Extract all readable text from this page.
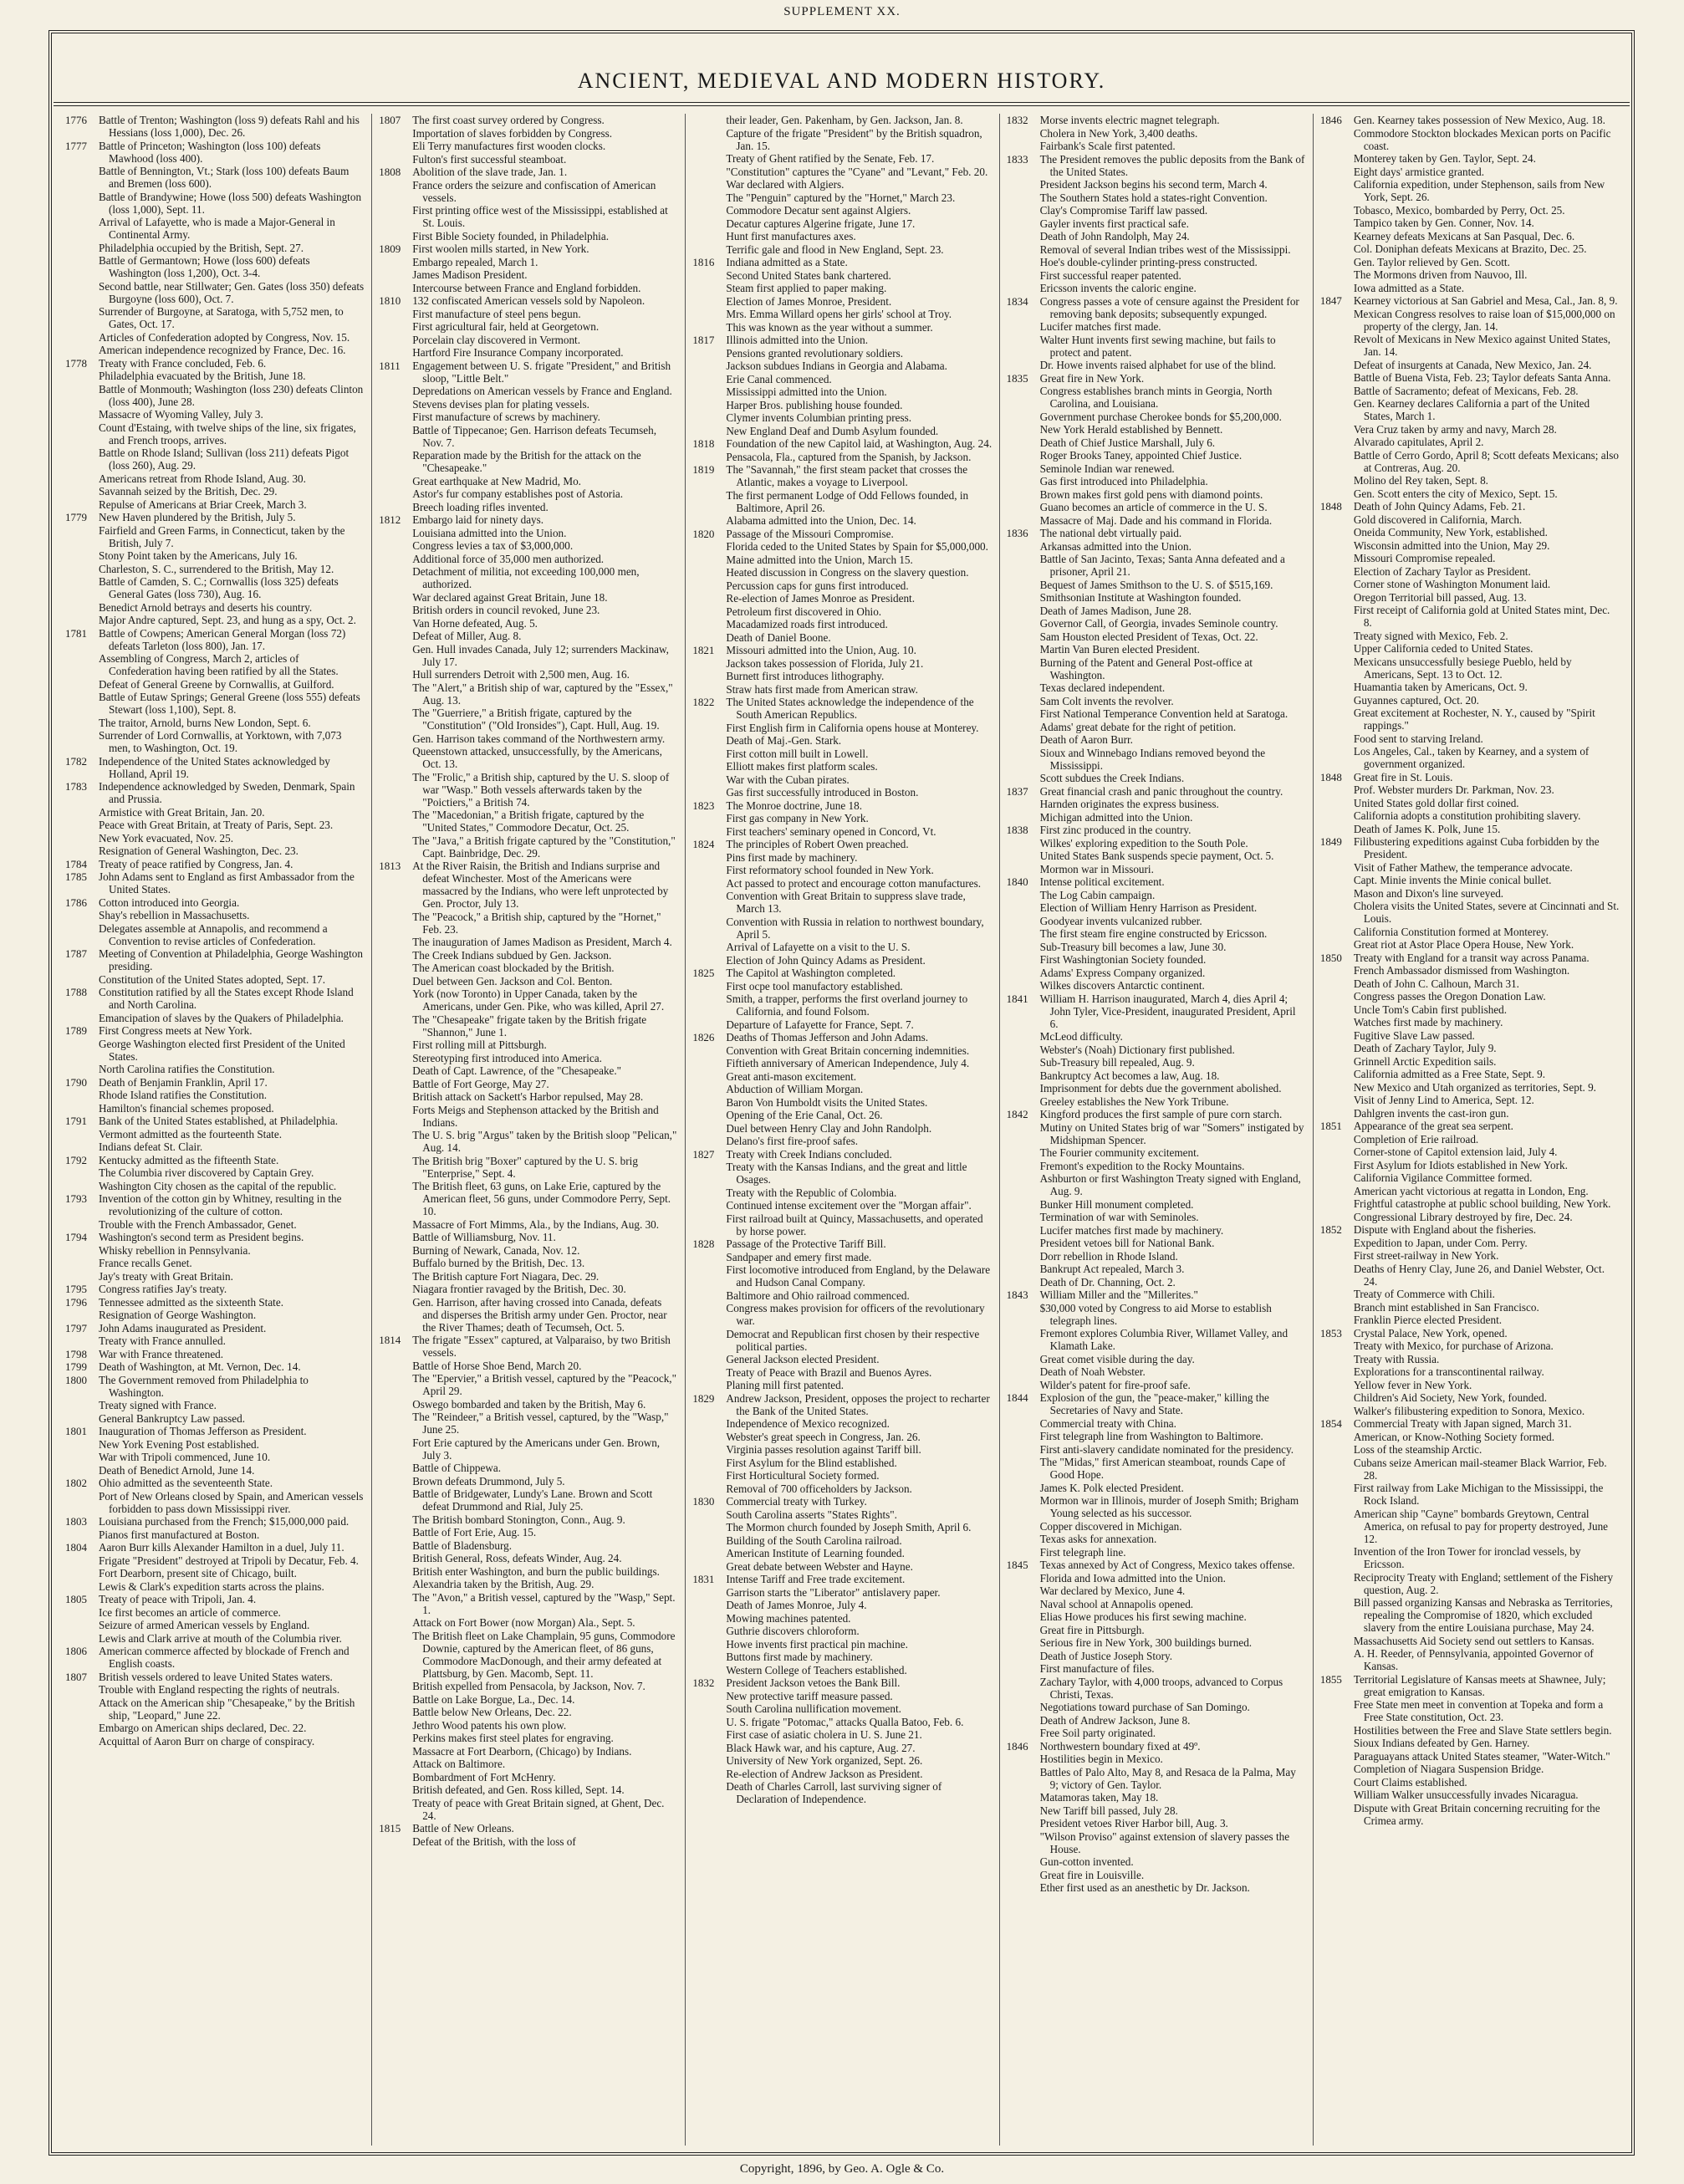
SUPPLEMENT XX.
ANCIENT, MEDIEVAL AND MODERN HISTORY.
1776	Battle of Trenton; Washington (loss 9) defeats Rahl and his Hessians (loss 1,000), Dec. 26.
1777	Battle of Princeton; Washington (loss 100) defeats Mawhood (loss 400).
Battle of Bennington, Vt.; Stark (loss 100) defeats Baum and Bremen (loss 600).
Battle of Brandywine; Howe (loss 500) defeats Washington (loss 1,000), Sept. 11.
Arrival of Lafayette, who is made a Major-General in Continental Army.
Philadelphia occupied by the British, Sept. 27.
Battle of Germantown; Howe (loss 600) defeats Washington (loss 1,200), Oct. 3-4.
Second battle, near Stillwater; Gen. Gates (loss 350) defeats Burgoyne (loss 600), Oct. 7.
Surrender of Burgoyne, at Saratoga, with 5,752 men, to Gates, Oct. 17.
Articles of Confederation adopted by Congress, Nov. 15.
American independence recognized by France, Dec. 16.
1778	Treaty with France concluded, Feb. 6.
Philadelphia evacuated by the British, June 18.
Battle of Monmouth; Washington (loss 230) defeats Clinton (loss 400), June 28.
Massacre of Wyoming Valley, July 3.
Count d'Estaing, with twelve ships of the line, six frigates, and French troops, arrives.
Battle on Rhode Island; Sullivan (loss 211) defeats Pigot (loss 260), Aug. 29.
Americans retreat from Rhode Island, Aug. 30.
Savannah seized by the British, Dec. 29.
Repulse of Americans at Briar Creek, March 3.
1779	New Haven plundered by the British, July 5.
Fairfield and Green Farms, in Connecticut, taken by the British, July 7.
Stony Point taken by the Americans, July 16.
Charleston, S. C., surrendered to the British, May 12.
Battle of Camden, S. C.; Cornwallis (loss 325) defeats General Gates (loss 730), Aug. 16.
Benedict Arnold betrays and deserts his country.
Major Andre captured, Sept. 23, and hung as a spy, Oct. 2.
1781	Battle of Cowpens; American General Morgan (loss 72) defeats Tarleton (loss 800), Jan. 17.
Assembling of Congress, March 2, articles of Confederation having been ratified by all the States.
Defeat of General Greene by Cornwallis, at Guilford.
Battle of Eutaw Springs; General Greene (loss 555) defeats Stewart (loss 1,100), Sept. 8.
The traitor, Arnold, burns New London, Sept. 6.
Surrender of Lord Cornwallis, at Yorktown, with 7,073 men, to Washington, Oct. 19.
1782	Independence of the United States acknowledged by Holland, April 19.
1783	Independence acknowledged by Sweden, Denmark, Spain and Prussia.
Armistice with Great Britain, Jan. 20.
Peace with Great Britain, at Treaty of Paris, Sept. 23.
New York evacuated, Nov. 25.
Resignation of General Washington, Dec. 23.
1784	Treaty of peace ratified by Congress, Jan. 4.
1785	John Adams sent to England as first Ambassador from the United States.
1786	Cotton introduced into Georgia.
Shay's rebellion in Massachusetts.
Delegates assemble at Annapolis, and recommend a Convention to revise articles of Confederation.
1787	Meeting of Convention at Philadelphia, George Washington presiding.
Constitution of the United States adopted, Sept. 17.
1788	Constitution ratified by all the States except Rhode Island and North Carolina.
Emancipation of slaves by the Quakers of Philadelphia.
1789	First Congress meets at New York.
George Washington elected first President of the United States.
North Carolina ratifies the Constitution.
1790	Death of Benjamin Franklin, April 17.
Rhode Island ratifies the Constitution.
Hamilton's financial schemes proposed.
1791	Bank of the United States established, at Philadelphia.
Vermont admitted as the fourteenth State.
Indians defeat St. Clair.
1792	Kentucky admitted as the fifteenth State.
The Columbia river discovered by Captain Grey.
Washington City chosen as the capital of the republic.
1793	Invention of the cotton gin by Whitney, resulting in the revolutionizing of the culture of cotton.
Trouble with the French Ambassador, Genet.
1794	Washington's second term as President begins.
Whisky rebellion in Pennsylvania.
France recalls Genet.
Jay's treaty with Great Britain.
1795	Congress ratifies Jay's treaty.
1796	Tennessee admitted as the sixteenth State.
Resignation of George Washington.
1797	John Adams inaugurated as President.
Treaty with France annulled.
1798	War with France threatened.
1799	Death of Washington, at Mt. Vernon, Dec. 14.
1800	The Government removed from Philadelphia to Washington.
Treaty signed with France.
General Bankruptcy Law passed.
1801	Inauguration of Thomas Jefferson as President.
New York Evening Post established.
War with Tripoli commenced, June 10.
Death of Benedict Arnold, June 14.
1802	Ohio admitted as the seventeenth State.
Port of New Orleans closed by Spain, and American vessels forbidden to pass down Mississippi river.
1803	Louisiana purchased from the French; $15,000,000 paid.
Pianos first manufactured at Boston.
1804	Aaron Burr kills Alexander Hamilton in a duel, July 11.
Frigate "President" destroyed at Tripoli by Decatur, Feb. 4.
Fort Dearborn, present site of Chicago, built.
Lewis & Clark's expedition starts across the plains.
1805	Treaty of peace with Tripoli, Jan. 4.
Ice first becomes an article of commerce.
Seizure of armed American vessels by England.
Lewis and Clark arrive at mouth of the Columbia river.
1806	American commerce affected by blockade of French and English coasts.
1807	British vessels ordered to leave United States waters.
Trouble with England respecting the rights of neutrals.
Attack on the American ship "Chesapeake," by the British ship, "Leopard," June 22.
Embargo on American ships declared, Dec. 22.
Acquittal of Aaron Burr on charge of conspiracy.
1807	The first coast survey ordered by Congress.
Importation of slaves forbidden by Congress.
Eli Terry manufactures first wooden clocks.
Fulton's first successful steamboat.
1808	Abolition of the slave trade, Jan. 1.
France orders the seizure and confiscation of American vessels.
First printing office west of the Mississippi, established at St. Louis.
First Bible Society founded, in Philadelphia.
1809	First woolen mills started, in New York.
Embargo repealed, March 1.
James Madison President.
Intercourse between France and England forbidden.
1810	132 confiscated American vessels sold by Napoleon.
First manufacture of steel pens begun.
First agricultural fair, held at Georgetown.
Porcelain clay discovered in Vermont.
Hartford Fire Insurance Company incorporated.
1811	Engagement between U. S. frigate "President," and British sloop, "Little Belt."
Depredations on American vessels by France and England.
Stevens devises plan for plating vessels.
First manufacture of screws by machinery.
Battle of Tippecanoe; Gen. Harrison defeats Tecumseh, Nov. 7.
Reparation made by the British for the attack on the "Chesapeake."
Great earthquake at New Madrid, Mo.
Astor's fur company establishes post of Astoria.
Breech loading rifles invented.
1812	Embargo laid for ninety days.
Louisiana admitted into the Union.
Congress levies a tax of $3,000,000.
Additional force of 35,000 men authorized.
Detachment of militia, not exceeding 100,000 men, authorized.
War declared against Great Britain, June 18.
British orders in council revoked, June 23.
Van Horne defeated, Aug. 5.
Defeat of Miller, Aug. 8.
Gen. Hull invades Canada, July 12; surrenders Mackinaw, July 17.
Hull surrenders Detroit with 2,500 men, Aug. 16.
The "Alert," a British ship of war, captured by the "Essex," Aug. 13.
The "Guerriere," a British frigate, captured by the "Constitution" ("Old Ironsides"), Capt. Hull, Aug. 19.
Gen. Harrison takes command of the Northwestern army.
Queenstown attacked, unsuccessfully, by the Americans, Oct. 13.
The "Frolic," a British ship, captured by the U. S. sloop of war "Wasp." Both vessels afterwards taken by the "Poictiers," a British 74.
The "Macedonian," a British frigate, captured by the "United States," Commodore Decatur, Oct. 25.
The "Java," a British frigate captured by the "Constitution," Capt. Bainbridge, Dec. 29.
1813	At the River Raisin, the British and Indians surprise and defeat Winchester. Most of the Americans were massacred by the Indians, who were left unprotected by Gen. Proctor, July 13.
The "Peacock," a British ship, captured by the "Hornet," Feb. 23.
The inauguration of James Madison as President, March 4.
The Creek Indians subdued by Gen. Jackson.
The American coast blockaded by the British.
Duel between Gen. Jackson and Col. Benton.
York (now Toronto) in Upper Canada, taken by the Americans, under Gen. Pike, who was killed, April 27.
The "Chesapeake" frigate taken by the British frigate "Shannon," June 1.
First rolling mill at Pittsburgh.
Stereotyping first introduced into America.
Death of Capt. Lawrence, of the "Chesapeake."
Battle of Fort George, May 27.
British attack on Sackett's Harbor repulsed, May 28.
Forts Meigs and Stephenson attacked by the British and Indians.
The U. S. brig "Argus" taken by the British sloop "Pelican," Aug. 14.
The British brig "Boxer" captured by the U. S. brig "Enterprise," Sept. 4.
The British fleet, 63 guns, on Lake Erie, captured by the American fleet, 56 guns, under Commodore Perry, Sept. 10.
Massacre of Fort Mimms, Ala., by the Indians, Aug. 30.
Battle of Williamsburg, Nov. 11.
Burning of Newark, Canada, Nov. 12.
Buffalo burned by the British, Dec. 13.
The British capture Fort Niagara, Dec. 29.
Niagara frontier ravaged by the British, Dec. 30.
Gen. Harrison, after having crossed into Canada, defeats and disperses the British army under Gen. Proctor, near the River Thames; death of Tecumseh, Oct. 5.
1814	The frigate "Essex" captured, at Valparaiso, by two British vessels.
Battle of Horse Shoe Bend, March 20.
The "Epervier," a British vessel, captured by the "Peacock," April 29.
Oswego bombarded and taken by the British, May 6.
The "Reindeer," a British vessel, captured, by the "Wasp," June 25.
Fort Erie captured by the Americans under Gen. Brown, July 3.
Battle of Chippewa.
Brown defeats Drummond, July 5.
Battle of Bridgewater, Lundy's Lane. Brown and Scott defeat Drummond and Rial, July 25.
The British bombard Stonington, Conn., Aug. 9.
Battle of Fort Erie, Aug. 15.
Battle of Bladensburg.
British General, Ross, defeats Winder, Aug. 24.
British enter Washington, and burn the public buildings.
Alexandria taken by the British, Aug. 29.
The "Avon," a British vessel, captured by the "Wasp," Sept. 1.
Attack on Fort Bower (now Morgan) Ala., Sept. 5.
The British fleet on Lake Champlain, 95 guns, Commodore Downie, captured by the American fleet, of 86 guns, Commodore MacDonough, and their army defeated at Plattsburg, by Gen. Macomb, Sept. 11.
British expelled from Pensacola, by Jackson, Nov. 7.
Battle on Lake Borgue, La., Dec. 14.
Battle below New Orleans, Dec. 22.
Jethro Wood patents his own plow.
Perkins makes first steel plates for engraving.
Massacre at Fort Dearborn, (Chicago) by Indians.
Attack on Baltimore.
Bombardment of Fort McHenry.
British defeated, and Gen. Ross killed, Sept. 14.
Treaty of peace with Great Britain signed, at Ghent, Dec. 24.
1815	Battle of New Orleans.
Defeat of the British, with the loss of
their leader, Gen. Pakenham, by Gen. Jackson, Jan. 8.
Capture of the frigate "President" by the British squadron, Jan. 15.
Treaty of Ghent ratified by the Senate, Feb. 17.
"Constitution" captures the "Cyane" and "Levant," Feb. 20.
War declared with Algiers.
The "Penguin" captured by the "Hornet," March 23.
Commodore Decatur sent against Algiers.
Decatur captures Algerine frigate, June 17.
Hunt first manufactures axes.
Terrific gale and flood in New England, Sept. 23.
1816	Indiana admitted as a State.
Second United States bank chartered.
Steam first applied to paper making.
Election of James Monroe, President.
Mrs. Emma Willard opens her girls' school at Troy.
This was known as the year without a summer.
1817	Illinois admitted into the Union.
Pensions granted revolutionary soldiers.
Jackson subdues Indians in Georgia and Alabama.
Erie Canal commenced.
Mississippi admitted into the Union.
Harper Bros. publishing house founded.
Clymer invents Columbian printing press.
New England Deaf and Dumb Asylum founded.
1818	Foundation of the new Capitol laid, at Washington, Aug. 24.
Pensacola, Fla., captured from the Spanish, by Jackson.
1819	The "Savannah," the first steam packet that crosses the Atlantic, makes a voyage to Liverpool.
The first permanent Lodge of Odd Fellows founded, in Baltimore, April 26.
Alabama admitted into the Union, Dec. 14.
1820	Passage of the Missouri Compromise.
Florida ceded to the United States by Spain for $5,000,000.
Maine admitted into the Union, March 15.
Heated discussion in Congress on the slavery question.
Percussion caps for guns first introduced.
Re-election of James Monroe as President.
Petroleum first discovered in Ohio.
Macadamized roads first introduced.
Death of Daniel Boone.
1821	Missouri admitted into the Union, Aug. 10.
Jackson takes possession of Florida, July 21.
Burnett first introduces lithography.
Straw hats first made from American straw.
1822	The United States acknowledge the independence of the South American Republics.
First English firm in California opens house at Monterey.
Death of Maj.-Gen. Stark.
First cotton mill built in Lowell.
Elliott makes first platform scales.
War with the Cuban pirates.
Gas first successfully introduced in Boston.
1823	The Monroe doctrine, June 18.
First gas company in New York.
First teachers' seminary opened in Concord, Vt.
1824	The principles of Robert Owen preached.
Pins first made by machinery.
First reformatory school founded in New York.
Act passed to protect and encourage cotton manufactures.
Convention with Great Britain to suppress slave trade, March 13.
Convention with Russia in relation to northwest boundary, April 5.
Arrival of Lafayette on a visit to the U. S.
Election of John Quincy Adams as President.
1825	The Capitol at Washington completed.
First ocpe tool manufactory established.
Smith, a trapper, performs the first overland journey to California, and found Folsom.
Departure of Lafayette for France, Sept. 7.
1826	Deaths of Thomas Jefferson and John Adams.
Convention with Great Britain concerning indemnities.
Fiftieth anniversary of American Independence, July 4.
Great anti-mason excitement.
Abduction of William Morgan.
Baron Von Humboldt visits the United States.
Opening of the Erie Canal, Oct. 26.
Duel between Henry Clay and John Randolph.
Delano's first fire-proof safes.
1827	Treaty with Creek Indians concluded.
Treaty with the Kansas Indians, and the great and little Osages.
Treaty with the Republic of Colombia.
Continued intense excitement over the "Morgan affair".
First railroad built at Quincy, Massachusetts, and operated by horse power.
1828	Passage of the Protective Tariff Bill.
Sandpaper and emery first made.
First locomotive introduced from England, by the Delaware and Hudson Canal Company.
Baltimore and Ohio railroad commenced.
Congress makes provision for officers of the revolutionary war.
Democrat and Republican first chosen by their respective political parties.
General Jackson elected President.
Treaty of Peace with Brazil and Buenos Ayres.
Planing mill first patented.
1829	Andrew Jackson, President, opposes the project to recharter the Bank of the United States.
Independence of Mexico recognized.
Webster's great speech in Congress, Jan. 26.
Virginia passes resolution against Tariff bill.
First Asylum for the Blind established.
First Horticultural Society formed.
Removal of 700 officeholders by Jackson.
1830	Commercial treaty with Turkey.
South Carolina asserts "States Rights".
The Mormon church founded by Joseph Smith, April 6.
Building of the South Carolina railroad.
American Institute of Learning founded.
Great debate between Webster and Hayne.
1831	Intense Tariff and Free trade excitement.
Garrison starts the "Liberator" antislavery paper.
Death of James Monroe, July 4.
Mowing machines patented.
Guthrie discovers chloroform.
Howe invents first practical pin machine.
Buttons first made by machinery.
Western College of Teachers established.
1832	President Jackson vetoes the Bank Bill.
New protective tariff measure passed.
South Carolina nullification movement.
U. S. frigate "Potomac," attacks Qualla Batoo, Feb. 6.
First case of asiatic cholera in U. S. June 21.
Black Hawk war, and his capture, Aug. 27.
University of New York organized, Sept. 26.
Re-election of Andrew Jackson as President.
Death of Charles Carroll, last surviving signer of Declaration of Independence.
1832	Morse invents electric magnet telegraph.
Cholera in New York, 3,400 deaths.
Fairbank's Scale first patented.
1833	The President removes the public deposits from the Bank of the United States.
President Jackson begins his second term, March 4.
The Southern States hold a states-right Convention.
Clay's Compromise Tariff law passed.
Gayler invents first practical safe.
Death of John Randolph, May 24.
Removal of several Indian tribes west of the Mississippi.
Hoe's double-cylinder printing-press constructed.
First successful reaper patented.
Ericsson invents the caloric engine.
1834	Congress passes a vote of censure against the President for removing bank deposits; subsequently expunged.
Lucifer matches first made.
Walter Hunt invents first sewing machine, but fails to protect and patent.
Dr. Howe invents raised alphabet for use of the blind.
1835	Great fire in New York.
Congress establishes branch mints in Georgia, North Carolina, and Louisiana.
Government purchase Cherokee bonds for $5,200,000.
New York Herald established by Bennett.
Death of Chief Justice Marshall, July 6.
Roger Brooks Taney, appointed Chief Justice.
Seminole Indian war renewed.
Gas first introduced into Philadelphia.
Brown makes first gold pens with diamond points.
Guano becomes an article of commerce in the U. S.
Massacre of Maj. Dade and his command in Florida.
1836	The national debt virtually paid.
Arkansas admitted into the Union.
Battle of San Jacinto, Texas; Santa Anna defeated and a prisoner, April 21.
Bequest of James Smithson to the U. S. of $515,169.
Smithsonian Institute at Washington founded.
Death of James Madison, June 28.
Governor Call, of Georgia, invades Seminole country.
Sam Houston elected President of Texas, Oct. 22.
Martin Van Buren elected President.
Burning of the Patent and General Post-office at Washington.
Texas declared independent.
Sam Colt invents the revolver.
First National Temperance Convention held at Saratoga.
Adams' great debate for the right of petition.
Death of Aaron Burr.
Sioux and Winnebago Indians removed beyond the Mississippi.
Scott subdues the Creek Indians.
1837	Great financial crash and panic throughout the country.
Harnden originates the express business.
Michigan admitted into the Union.
1838	First zinc produced in the country.
Wilkes' exploring expedition to the South Pole.
United States Bank suspends specie payment, Oct. 5.
Mormon war in Missouri.
1840	Intense political excitement.
The Log Cabin campaign.
Election of William Henry Harrison as President.
Goodyear invents vulcanized rubber.
The first steam fire engine constructed by Ericsson.
Sub-Treasury bill becomes a law, June 30.
First Washingtonian Society founded.
Adams' Express Company organized.
Wilkes discovers Antarctic continent.
1841	William H. Harrison inaugurated, March 4, dies April 4; John Tyler, Vice-President, inaugurated President, April 6.
McLeod difficulty.
Webster's (Noah) Dictionary first published.
Sub-Treasury bill repealed, Aug. 9.
Bankruptcy Act becomes a law, Aug. 18.
Imprisonment for debts due the government abolished.
Greeley establishes the New York Tribune.
1842	Kingford produces the first sample of pure corn starch.
Mutiny on United States brig of war "Somers" instigated by Midshipman Spencer.
The Fourier community excitement.
Fremont's expedition to the Rocky Mountains.
Ashburton or first Washington Treaty signed with England, Aug. 9.
Bunker Hill monument completed.
Termination of war with Seminoles.
Lucifer matches first made by machinery.
President vetoes bill for National Bank.
Dorr rebellion in Rhode Island.
Bankrupt Act repealed, March 3.
Death of Dr. Channing, Oct. 2.
1843	William Miller and the "Millerites."
$30,000 voted by Congress to aid Morse to establish telegraph lines.
Fremont explores Columbia River, Willamet Valley, and Klamath Lake.
Great comet visible during the day.
Death of Noah Webster.
Wilder's patent for fire-proof safe.
1844	Explosion of the gun, the "peace-maker," killing the Secretaries of Navy and State.
Commercial treaty with China.
First telegraph line from Washington to Baltimore.
First anti-slavery candidate nominated for the presidency.
The "Midas," first American steamboat, rounds Cape of Good Hope.
James K. Polk elected President.
Mormon war in Illinois, murder of Joseph Smith; Brigham Young selected as his successor.
Copper discovered in Michigan.
Texas asks for annexation.
First telegraph line.
1845	Texas annexed by Act of Congress, Mexico takes offense.
Florida and Iowa admitted into the Union.
War declared by Mexico, June 4.
Naval school at Annapolis opened.
Elias Howe produces his first sewing machine.
Great fire in Pittsburgh.
Serious fire in New York, 300 buildings burned.
Death of Justice Joseph Story.
First manufacture of files.
Zachary Taylor, with 4,000 troops, advanced to Corpus Christi, Texas.
Negotiations toward purchase of San Domingo.
Death of Andrew Jackson, June 8.
Free Soil party originated.
1846	Northwestern boundary fixed at 49º.
Hostilities begin in Mexico.
Battles of Palo Alto, May 8, and Resaca de la Palma, May 9; victory of Gen. Taylor.
Matamoras taken, May 18.
New Tariff bill passed, July 28.
President vetoes River Harbor bill, Aug. 3.
"Wilson Proviso" against extension of slavery passes the House.
Gun-cotton invented.
Great fire in Louisville.
Ether first used as an anesthetic by Dr. Jackson.
1846	Gen. Kearney takes possession of New Mexico, Aug. 18.
Commodore Stockton blockades Mexican ports on Pacific coast.
Monterey taken by Gen. Taylor, Sept. 24.
Eight days' armistice granted.
California expedition, under Stephenson, sails from New York, Sept. 26.
Tobasco, Mexico, bombarded by Perry, Oct. 25.
Tampico taken by Gen. Conner, Nov. 14.
Kearney defeats Mexicans at San Pasqual, Dec. 6.
Col. Doniphan defeats Mexicans at Brazito, Dec. 25.
Gen. Taylor relieved by Gen. Scott.
The Mormons driven from Nauvoo, Ill.
Iowa admitted as a State.
1847	Kearney victorious at San Gabriel and Mesa, Cal., Jan. 8, 9.
Mexican Congress resolves to raise loan of $15,000,000 on property of the clergy, Jan. 14.
Revolt of Mexicans in New Mexico against United States, Jan. 14.
Defeat of insurgents at Canada, New Mexico, Jan. 24.
Battle of Buena Vista, Feb. 23; Taylor defeats Santa Anna.
Battle of Sacramento; defeat of Mexicans, Feb. 28.
Gen. Kearney declares California a part of the United States, March 1.
Vera Cruz taken by army and navy, March 28.
Alvarado capitulates, April 2.
Battle of Cerro Gordo, April 8; Scott defeats Mexicans; also at Contreras, Aug. 20.
Molino del Rey taken, Sept. 8.
Gen. Scott enters the city of Mexico, Sept. 15.
1848	Death of John Quincy Adams, Feb. 21.
Gold discovered in California, March.
Oneida Community, New York, established.
Wisconsin admitted into the Union, May 29.
Missouri Compromise repealed.
Election of Zachary Taylor as President.
Corner stone of Washington Monument laid.
Oregon Territorial bill passed, Aug. 13.
First receipt of California gold at United States mint, Dec. 8.
Treaty signed with Mexico, Feb. 2.
Upper California ceded to United States.
Mexicans unsuccessfully besiege Pueblo, held by Americans, Sept. 13 to Oct. 12.
Huamantia taken by Americans, Oct. 9.
Guyannes captured, Oct. 20.
Great excitement at Rochester, N. Y., caused by "Spirit rappings."
Food sent to starving Ireland.
Los Angeles, Cal., taken by Kearney, and a system of government organized.
1848	Great fire in St. Louis.
Prof. Webster murders Dr. Parkman, Nov. 23.
United States gold dollar first coined.
California adopts a constitution prohibiting slavery.
Death of James K. Polk, June 15.
1849	Filibustering expeditions against Cuba forbidden by the President.
Visit of Father Mathew, the temperance advocate.
Capt. Minie invents the Minie conical bullet.
Mason and Dixon's line surveyed.
Cholera visits the United States, severe at Cincinnati and St. Louis.
California Constitution formed at Monterey.
Great riot at Astor Place Opera House, New York.
1850	Treaty with England for a transit way across Panama.
French Ambassador dismissed from Washington.
Death of John C. Calhoun, March 31.
Congress passes the Oregon Donation Law.
Uncle Tom's Cabin first published.
Watches first made by machinery.
Fugitive Slave Law passed.
Death of Zachary Taylor, July 9.
Grinnell Arctic Expedition sails.
California admitted as a Free State, Sept. 9.
New Mexico and Utah organized as territories, Sept. 9.
Visit of Jenny Lind to America, Sept. 12.
Dahlgren invents the cast-iron gun.
1851	Appearance of the great sea serpent.
Completion of Erie railroad.
Corner-stone of Capitol extension laid, July 4.
First Asylum for Idiots established in New York.
California Vigilance Committee formed.
American yacht victorious at regatta in London, Eng.
Frightful catastrophe at public school building, New York.
Congressional Library destroyed by fire, Dec. 24.
1852	Dispute with England about the fisheries.
Expedition to Japan, under Com. Perry.
First street-railway in New York.
Deaths of Henry Clay, June 26, and Daniel Webster, Oct. 24.
Treaty of Commerce with Chili.
Branch mint established in San Francisco.
Franklin Pierce elected President.
1853	Crystal Palace, New York, opened.
Treaty with Mexico, for purchase of Arizona.
Treaty with Russia.
Explorations for a transcontinental railway.
Yellow fever in New York.
Children's Aid Society, New York, founded.
Walker's filibustering expedition to Sonora, Mexico.
1854	Commercial Treaty with Japan signed, March 31.
American, or Know-Nothing Society formed.
Loss of the steamship Arctic.
Cubans seize American mail-steamer Black Warrior, Feb. 28.
First railway from Lake Michigan to the Mississippi, the Rock Island.
American ship "Cayne" bombards Greytown, Central America, on refusal to pay for property destroyed, June 12.
Invention of the Iron Tower for ironclad vessels, by Ericsson.
Reciprocity Treaty with England; settlement of the Fishery question, Aug. 2.
Bill passed organizing Kansas and Nebraska as Territories, repealing the Compromise of 1820, which excluded slavery from the entire Louisiana purchase, May 24.
Massachusetts Aid Society send out settlers to Kansas.
A. H. Reeder, of Pennsylvania, appointed Governor of Kansas.
1855	Territorial Legislature of Kansas meets at Shawnee, July; great emigration to Kansas.
Free State men meet in convention at Topeka and form a Free State constitution, Oct. 23.
Hostilities between the Free and Slave State settlers begin.
Sioux Indians defeated by Gen. Harney.
Paraguayans attack United States steamer, "Water-Witch."
Completion of Niagara Suspension Bridge.
Court Claims established.
William Walker unsuccessfully invades Nicaragua.
Dispute with Great Britain concerning recruiting for the Crimea army.
Copyright, 1896, by Geo. A. Ogle & Co.
